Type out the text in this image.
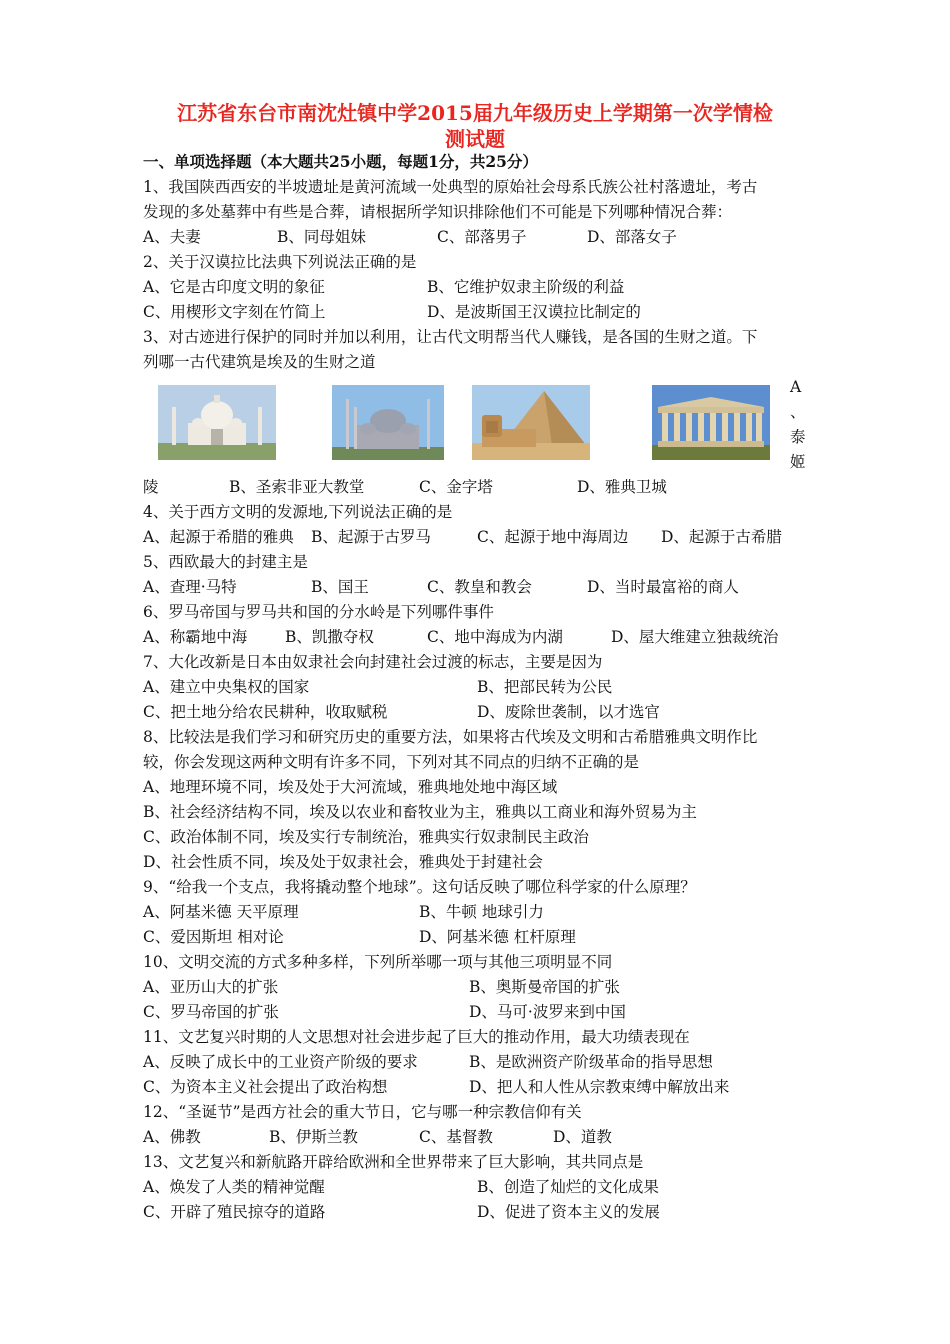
江苏省东台市南沈灶镇中学2015届九年级历史上学期第一次学情检
测试题
一、单项选择题（本大题共25小题，每题1分，共25分）
1、我国陕西西安的半坡遗址是黄河流域一处典型的原始社会母系氏族公社村落遗址，考古
发现的多处墓葬中有些是合葬，请根据所学知识排除他们不可能是下列哪种情况合葬：
A、夫妻	B、同母姐妹	C、部落男子	D、部落女子
2、关于汉谟拉比法典下列说法正确的是
A、它是古印度文明的象征	B、它维护奴隶主阶级的利益
C、用楔形文字刻在竹简上	D、是波斯国王汉谟拉比制定的
3、对古迹进行保护的同时并加以利用，让古代文明帮当代人赚钱，是各国的生财之道。下
列哪一古代建筑是埃及的生财之道
A
、
泰
姬
陵	B、圣索非亚大教堂	C、金字塔	D、雅典卫城
4、关于西方文明的发源地,下列说法正确的是
A、起源于希腊的雅典 B、起源于古罗马	C、起源于地中海周边 D、起源于古希腊
5、西欧最大的封建主是
A、查理·马特	B、国王	C、教皇和教会	D、当时最富裕的商人
6、罗马帝国与罗马共和国的分水岭是下列哪件事件
A、称霸地中海 B、凯撒夺权	C、地中海成为内湖	D、屋大维建立独裁统治
7、大化改新是日本由奴隶社会向封建社会过渡的标志，主要是因为
A、建立中央集权的国家	B、把部民转为公民
C、把土地分给农民耕种，收取赋税	D、废除世袭制，以才选官
8、比较法是我们学习和研究历史的重要方法，如果将古代埃及文明和古希腊雅典文明作比
较，你会发现这两种文明有许多不同，下列对其不同点的归纳不正确的是
A、地理环境不同，埃及处于大河流域，雅典地处地中海区域
B、社会经济结构不同，埃及以农业和畜牧业为主，雅典以工商业和海外贸易为主
C、政治体制不同，埃及实行专制统治，雅典实行奴隶制民主政治
D、社会性质不同，埃及处于奴隶社会，雅典处于封建社会
9、“给我一个支点，我将撬动整个地球”。这句话反映了哪位科学家的什么原理？
A、阿基米德 天平原理	B、牛顿 地球引力
C、爱因斯坦 相对论	D、阿基米德 杠杆原理
10、文明交流的方式多种多样，下列所举哪一项与其他三项明显不同
A、亚历山大的扩张	B、奥斯曼帝国的扩张
C、罗马帝国的扩张	D、马可·波罗来到中国
11、文艺复兴时期的人文思想对社会进步起了巨大的推动作用，最大功绩表现在
A、反映了成长中的工业资产阶级的要求	B、是欧洲资产阶级革命的指导思想
C、为资本主义社会提出了政治构想	D、把人和人性从宗教束缚中解放出来
12、“圣诞节”是西方社会的重大节日，它与哪一种宗教信仰有关
A、佛教	B、伊斯兰教	C、基督教	D、道教
13、文艺复兴和新航路开辟给欧洲和全世界带来了巨大影响，其共同点是
A、焕发了人类的精神觉醒	B、创造了灿烂的文化成果
C、开辟了殖民掠夺的道路	D、促进了资本主义的发展
